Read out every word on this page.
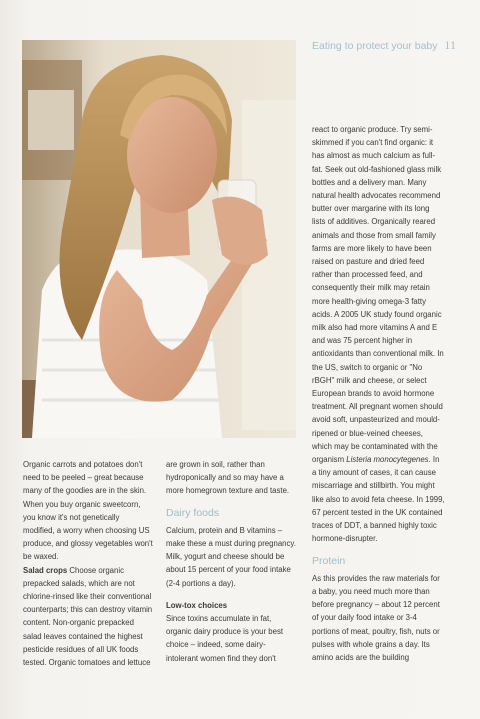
Eating to protect your baby 11

Organic carrots and potatoes don't need to be peeled – great because many of the goodies are in the skin. When you buy organic sweetcorn, you know it's not genetically modified, a worry when choosing US produce, and glossy vegetables won't be waxed.

Salad crops Choose organic prepacked salads, which are not chlorine-rinsed like their conventional counterparts; this can destroy vitamin content. Non-organic prepacked salad leaves contained the highest pesticide residues of all UK foods tested. Organic tomatoes and lettuce

are grown in soil, rather than hydroponically and so may have a more homegrown texture and taste.

Dairy foods

Calcium, protein and B vitamins – make these a must during pregnancy. Milk, yogurt and cheese should be about 15 percent of your food intake (2-4 portions a day).

Low-tox choices

Since toxins accumulate in fat, organic dairy produce is your best choice – indeed, some dairy-intolerant women find they don't

react to organic produce. Try semi-skimmed if you can't find organic: it has almost as much calcium as full-fat. Seek out old-fashioned glass milk bottles and a delivery man. Many natural health advocates recommend butter over margarine with its long lists of additives. Organically reared animals and those from small family farms are more likely to have been raised on pasture and dried feed rather than processed feed, and consequently their milk may retain more health-giving omega-3 fatty acids. A 2005 UK study found organic milk also had more vitamins A and E and was 75 percent higher in antioxidants than conventional milk. In the US, switch to organic or "No rBGH" milk and cheese, or select European brands to avoid hormone treatment. All pregnant women should avoid soft, unpasteurized and mould-ripened or blue-veined cheeses, which may be contaminated with the organism Listeria monocytegenes. In a tiny amount of cases, it can cause miscarriage and stillbirth. You might like also to avoid feta cheese. In 1999, 67 percent tested in the UK contained traces of DDT, a banned highly toxic hormone-disrupter.

Protein

As this provides the raw materials for a baby, you need much more than before pregnancy – about 12 percent of your daily food intake or 3-4 portions of meat, poultry, fish, nuts or pulses with whole grains a day. Its amino acids are the building
